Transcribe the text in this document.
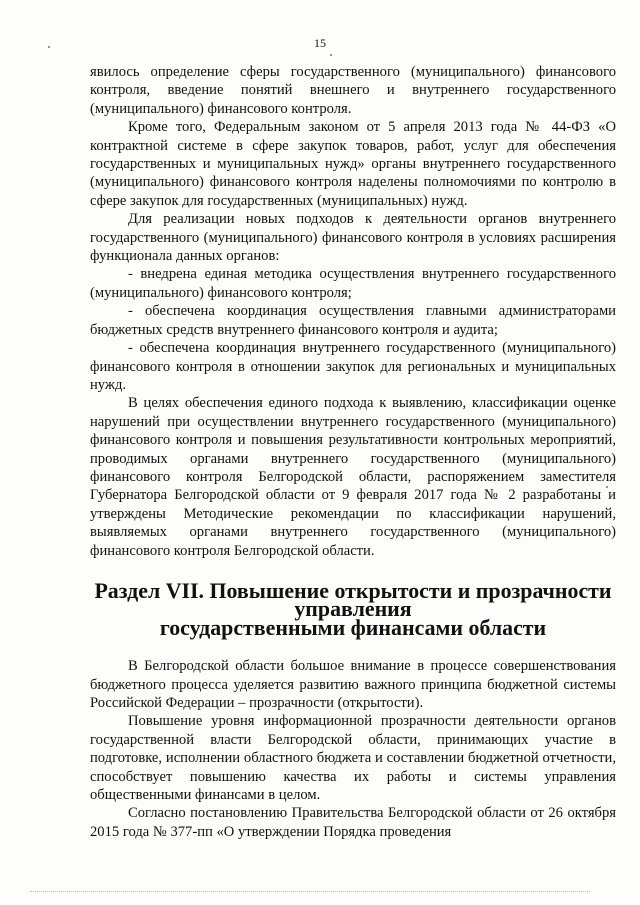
15

явилось определение сферы государственного (муниципального) финансового контроля, введение понятий внешнего и внутреннего государственного (муниципального) финансового контроля.

Кроме того, Федеральным законом от 5 апреля 2013 года № 44-ФЗ «О контрактной системе в сфере закупок товаров, работ, услуг для обеспечения государственных и муниципальных нужд» органы внутреннего государственного (муниципального) финансового контроля наделены полномочиями по контролю в сфере закупок для государственных (муниципальных) нужд.

Для реализации новых подходов к деятельности органов внутреннего государственного (муниципального) финансового контроля в условиях расширения функционала данных органов:

- внедрена единая методика осуществления внутреннего государственного (муниципального) финансового контроля;

- обеспечена координация осуществления главными администраторами бюджетных средств внутреннего финансового контроля и аудита;

- обеспечена координация внутреннего государственного (муниципального) финансового контроля в отношении закупок для региональных и муниципальных нужд.

В целях обеспечения единого подхода к выявлению, классификации оценке нарушений при осуществлении внутреннего государственного (муниципального) финансового контроля и повышения результативности контрольных мероприятий, проводимых органами внутреннего государственного (муниципального) финансового контроля Белгородской области, распоряжением заместителя Губернатора Белгородской области от 9 февраля 2017 года № 2 разработаны и утверждены Методические рекомендации по классификации нарушений, выявляемых органами внутреннего государственного (муниципального) финансового контроля Белгородской области.

Раздел VII. Повышение открытости и прозрачности управления
государственными финансами области

В Белгородской области большое внимание в процессе совершенствования бюджетного процесса уделяется развитию важного принципа бюджетной системы Российской Федерации – прозрачности (открытости).

Повышение уровня информационной прозрачности деятельности органов государственной власти Белгородской области, принимающих участие в подготовке, исполнении областного бюджета и составлении бюджетной отчетности, способствует повышению качества их работы и системы управления общественными финансами в целом.

Согласно постановлению Правительства Белгородской области от 26 октября 2015 года № 377-пп «О утверждении Порядка проведения
